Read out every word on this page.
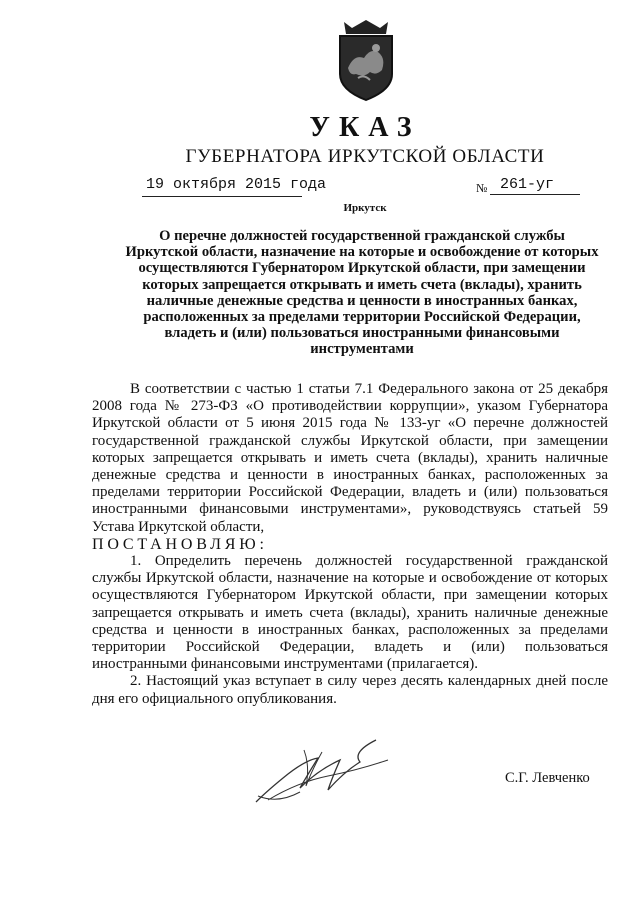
УКАЗ
ГУБЕРНАТОРА ИРКУТСКОЙ ОБЛАСТИ
19 октября 2015 года	№ 261-уг
Иркутск
О перечне должностей государственной гражданской службы Иркутской области, назначение на которые и освобождение от которых осуществляются Губернатором Иркутской области, при замещении которых запрещается открывать и иметь счета (вклады), хранить наличные денежные средства и ценности в иностранных банках, расположенных за пределами территории Российской Федерации, владеть и (или) пользоваться иностранными финансовыми инструментами

В соответствии с частью 1 статьи 7.1 Федерального закона от 25 декабря 2008 года № 273-ФЗ «О противодействии коррупции», указом Губернатора Иркутской области от 5 июня 2015 года № 133-уг «О перечне должностей государственной гражданской службы Иркутской области, при замещении которых запрещается открывать и иметь счета (вклады), хранить наличные денежные средства и ценности в иностранных банках, расположенных за пределами территории Российской Федерации, владеть и (или) пользоваться иностранными финансовыми инструментами», руководствуясь статьей 59 Устава Иркутской области,

ПОСТАНОВЛЯЮ:

1. Определить перечень должностей государственной гражданской службы Иркутской области, назначение на которые и освобождение от которых осуществляются Губернатором Иркутской области, при замещении которых запрещается открывать и иметь счета (вклады), хранить наличные денежные средства и ценности в иностранных банках, расположенных за пределами территории Российской Федерации, владеть и (или) пользоваться иностранными финансовыми инструментами (прилагается).

2. Настоящий указ вступает в силу через десять календарных дней после дня его официального опубликования.

С.Г. Левченко
